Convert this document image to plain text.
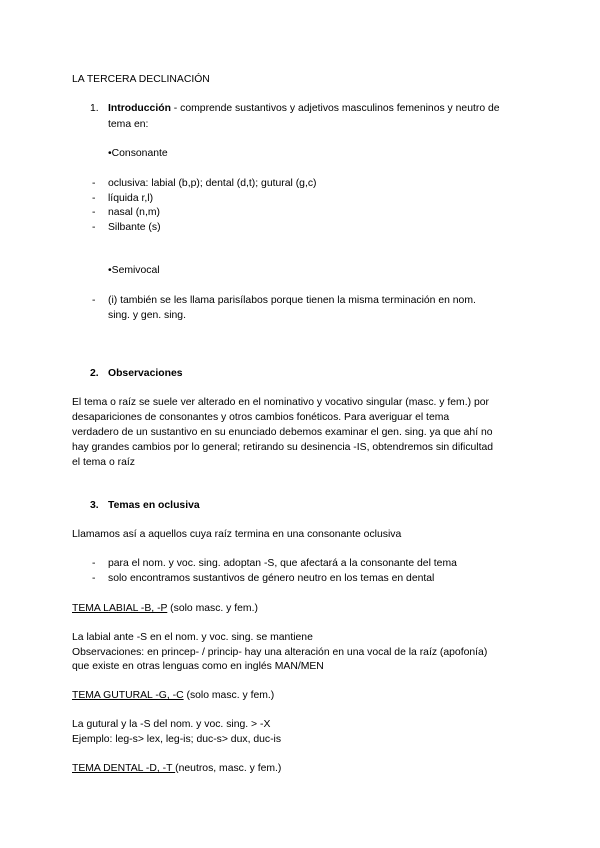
LA TERCERA DECLINACIÓN
1. Introducción - comprende sustantivos y adjetivos masculinos femeninos y neutro de
tema en:
•Consonante
- oclusiva: labial (b,p); dental (d,t); gutural (g,c)
- líquida r,l)
- nasal (n,m)
- Silbante (s)
•Semivocal
- (i) también se les llama parisílabos porque tienen la misma terminación en nom.
sing. y gen. sing.
2. Observaciones
El tema o raíz se suele ver alterado en el nominativo y vocativo singular (masc. y fem.) por
desapariciones de consonantes y otros cambios fonéticos. Para averiguar el tema
verdadero de un sustantivo en su enunciado debemos examinar el gen. sing. ya que ahí no
hay grandes cambios por lo general; retirando su desinencia -IS, obtendremos sin dificultad
el tema o raíz
3. Temas en oclusiva
Llamamos así a aquellos cuya raíz termina en una consonante oclusiva
- para el nom. y voc. sing. adoptan -S, que afectará a la consonante del tema
- solo encontramos sustantivos de género neutro en los temas en dental
TEMA LABIAL -B, -P (solo masc. y fem.)
La labial ante -S en el nom. y voc. sing. se mantiene
Observaciones: en princep- / princip- hay una alteración en una vocal de la raíz (apofonía)
que existe en otras lenguas como en inglés MAN/MEN
TEMA GUTURAL -G, -C (solo masc. y fem.)
La gutural y la -S del nom. y voc. sing. > -X
Ejemplo: leg-s> lex, leg-is; duc-s> dux, duc-is
TEMA DENTAL -D, -T (neutros, masc. y fem.)
